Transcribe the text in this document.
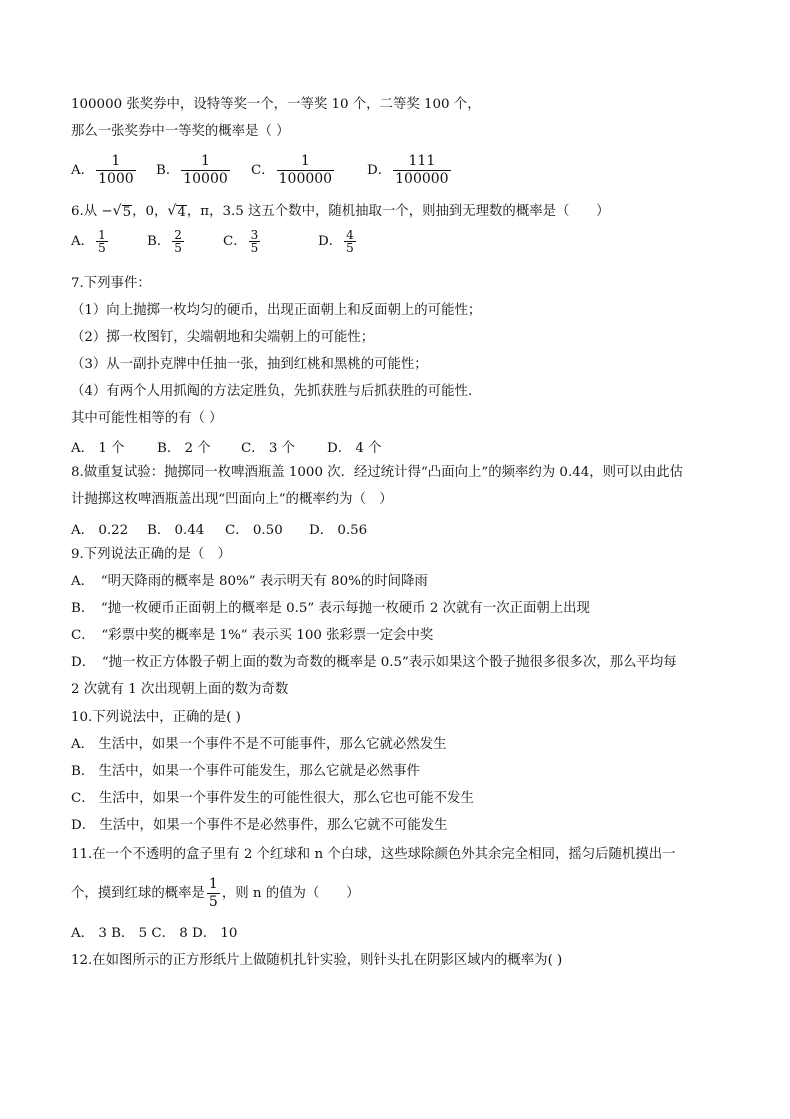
100000 张奖券中，设特等奖一个，一等奖 10 个，二等奖 100 个，
那么一张奖券中一等奖的概率是（ ）
A． $\frac{1}{1000}$ B． $\frac{1}{10000}$ C． $\frac{1}{100000}$ D． $\frac{111}{100000}$
6.从 − √ 5 ，0， √ 4 ，π，3.5 这五个数中，随机抽取一个，则抽到无理数的概率是（　　）
A． $\frac{1}{5}$	B． $\frac{2}{5}$	C． $\frac{3}{5}$	D． $\frac{4}{5}$
7.下列事件：
（1）向上抛掷一枚均匀的硬币，出现正面朝上和反面朝上的可能性；
（2）掷一枚图钉，尖端朝地和尖端朝上的可能性；
（3）从一副扑克牌中任抽一张，抽到红桃和黑桃的可能性；
（4）有两个人用抓阄的方法定胜负，先抓获胜与后抓获胜的可能性.
其中可能性相等的有（ ）
A． 1 个 B． 2 个 C． 3 个 D． 4 个
8.做重复试验：抛掷同一枚啤酒瓶盖 1000 次．经过统计得“凸面向上”的频率约为 0.44，则可以由此估
计抛掷这枚啤酒瓶盖出现“凹面向上”的概率约为（　）
A． 0.22 B． 0.44 C． 0.50 D． 0.56
9.下列说法正确的是（　）
A．　“明天降雨的概率是 80%” 表示明天有 80%的时间降雨
B．　“抛一枚硬币正面朝上的概率是 0.5” 表示每抛一枚硬币 2 次就有一次正面朝上出现
C．　“彩票中奖的概率是 1%” 表示买 100 张彩票一定会中奖
D．　“抛一枚正方体骰子朝上面的数为奇数的概率是 0.5”表示如果这个骰子抛很多很多次，那么平均每
2 次就有 1 次出现朝上面的数为奇数
10.下列说法中，正确的是( )
A． 生活中，如果一个事件不是不可能事件，那么它就必然发生
B． 生活中，如果一个事件可能发生，那么它就是必然事件
C． 生活中，如果一个事件发生的可能性很大，那么它也可能不发生
D． 生活中，如果一个事件不是必然事件，那么它就不可能发生
11.在一个不透明的盒子里有 2 个红球和 n 个白球，这些球除颜色外其余完全相同，摇匀后随机摸出一
个，摸到红球的概率是 $\frac{1}{5}$ ，则 n 的值为（　　）
A． 3 B． 5 C． 8 D． 10
12.在如图所示的正方形纸片上做随机扎针实验，则针头扎在阴影区域内的概率为( )
